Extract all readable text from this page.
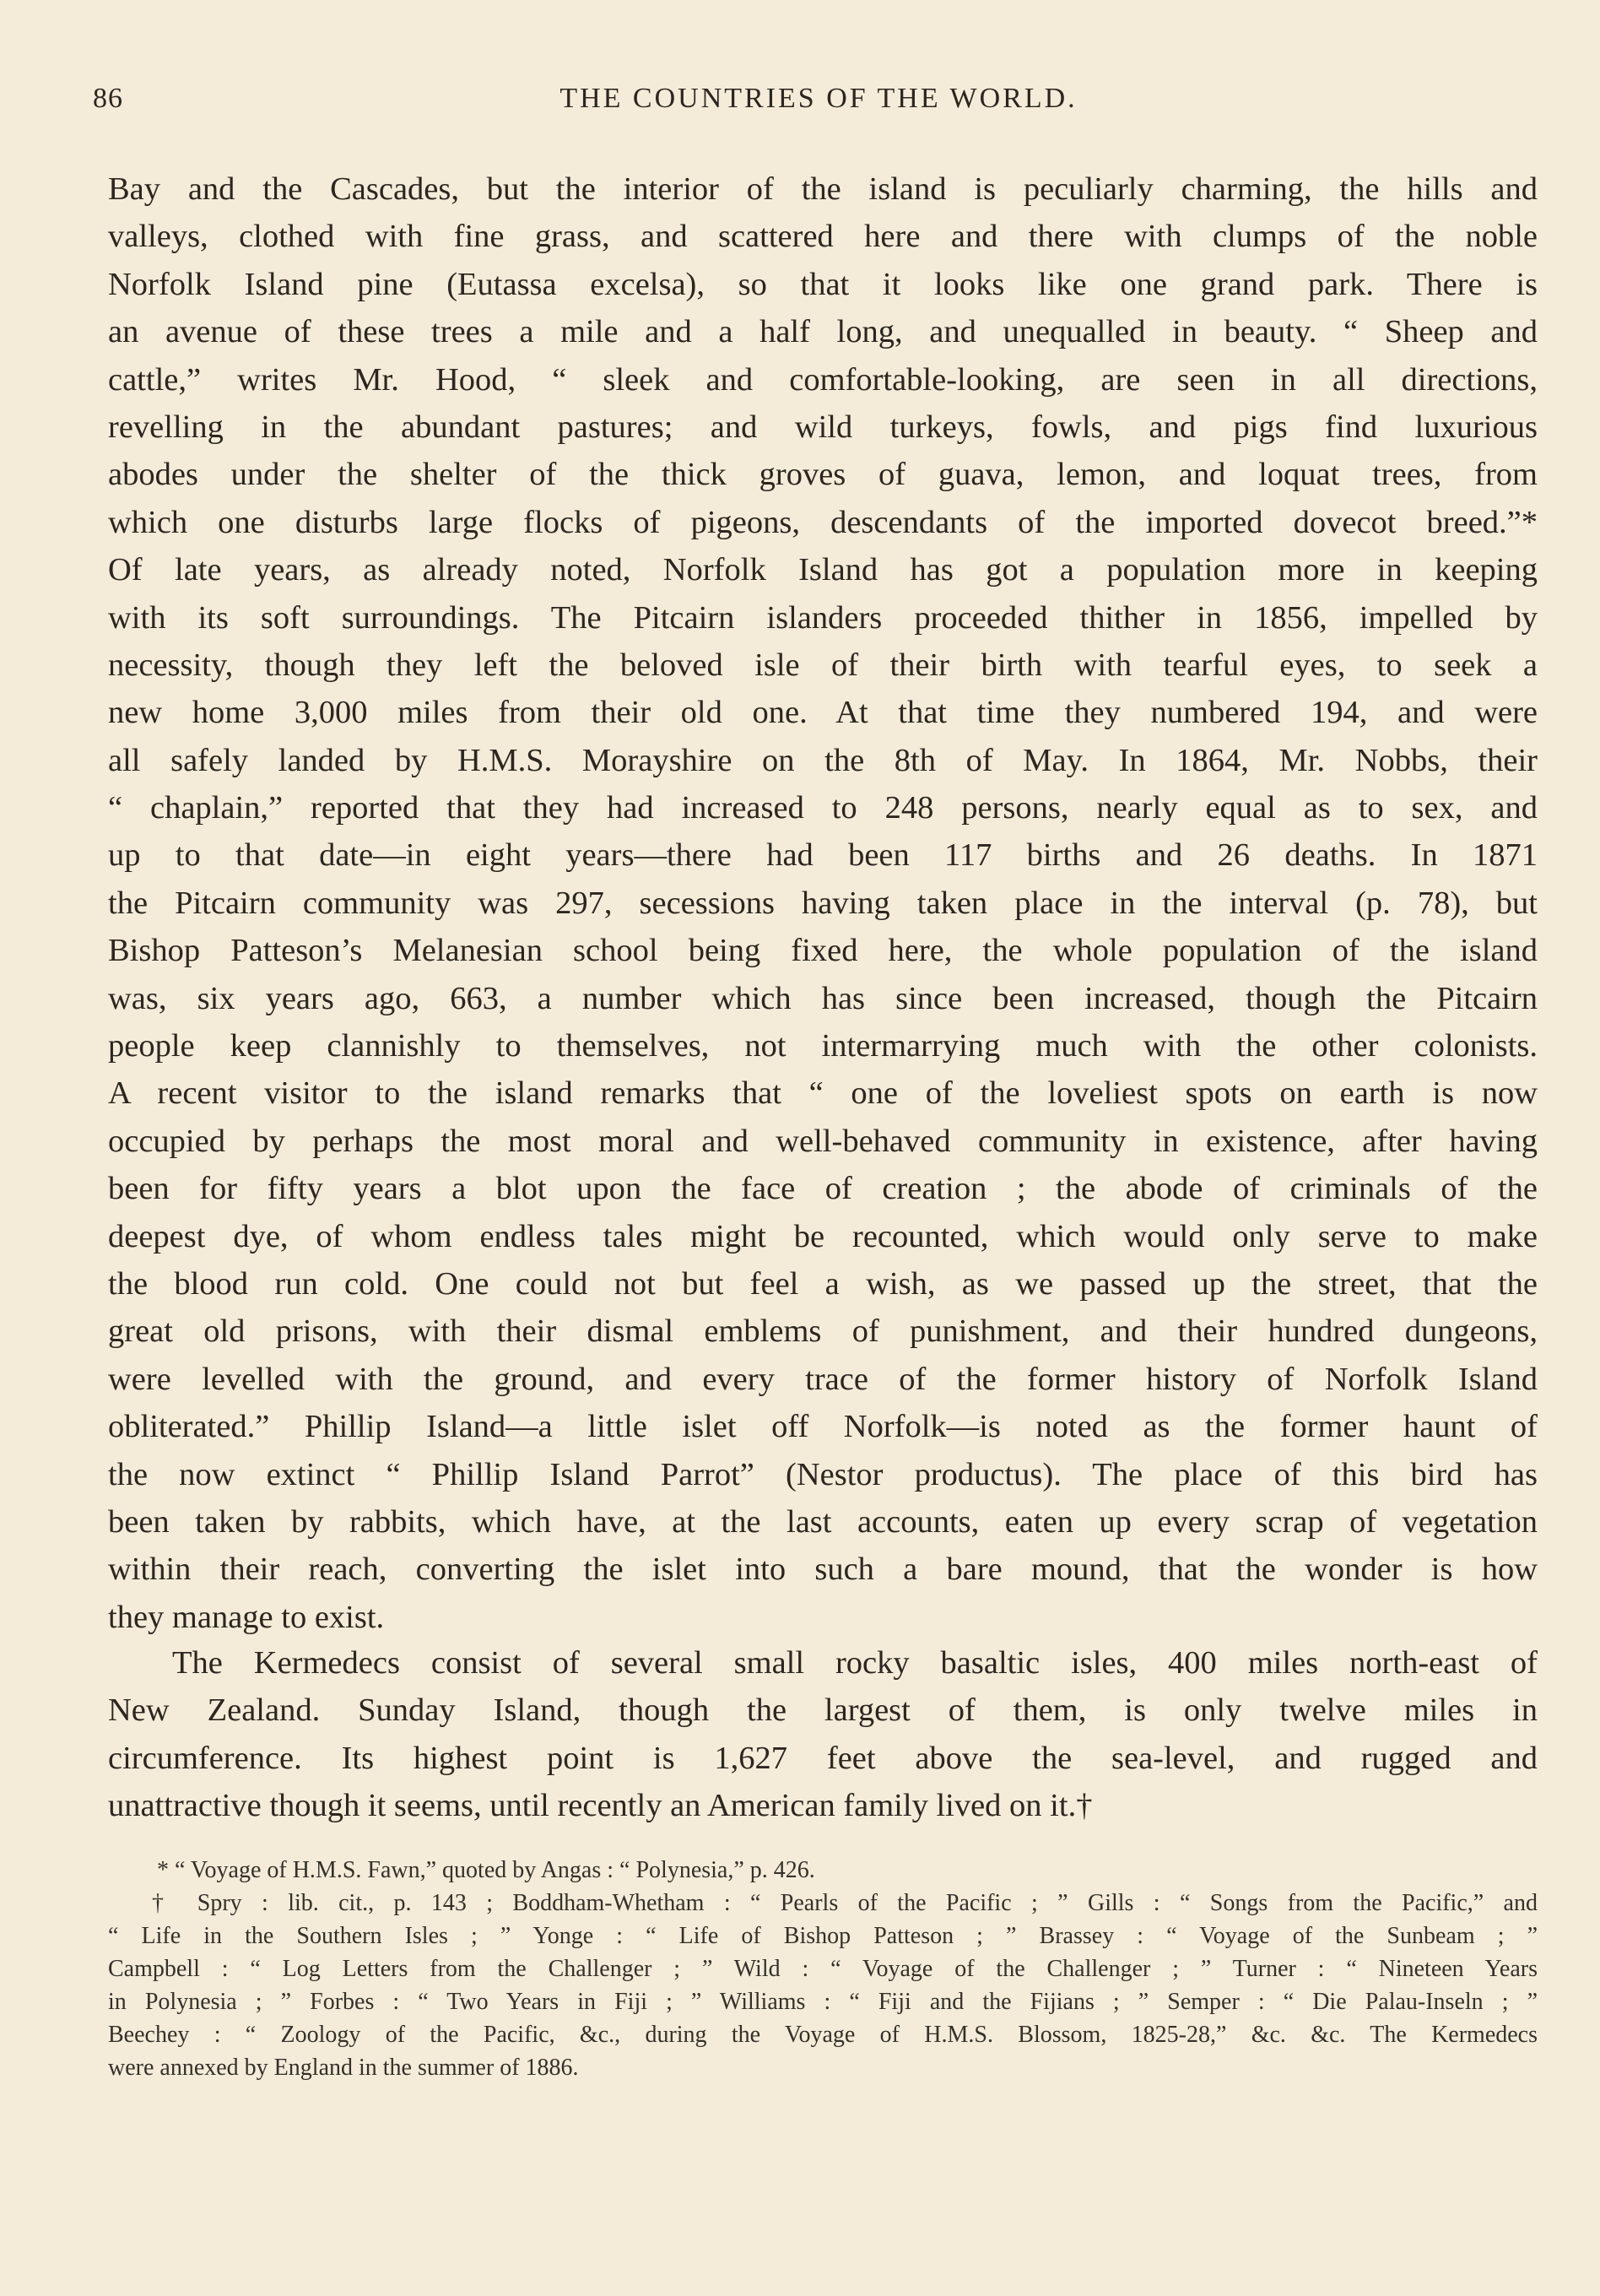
86	THE COUNTRIES OF THE WORLD.
Bay and the Cascades, but the interior of the island is peculiarly charming, the hills and
valleys, clothed with fine grass, and scattered here and there with clumps of the noble
Norfolk Island pine (Eutassa excelsa), so that it looks like one grand park. There is
an avenue of these trees a mile and a half long, and unequalled in beauty. “ Sheep and
cattle,” writes Mr. Hood, “ sleek and comfortable-looking, are seen in all directions,
revelling in the abundant pastures; and wild turkeys, fowls, and pigs find luxurious
abodes under the shelter of the thick groves of guava, lemon, and loquat trees, from
which one disturbs large flocks of pigeons, descendants of the imported dovecot breed.”*
Of late years, as already noted, Norfolk Island has got a population more in keeping
with its soft surroundings. The Pitcairn islanders proceeded thither in 1856, impelled by
necessity, though they left the beloved isle of their birth with tearful eyes, to seek a
new home 3,000 miles from their old one. At that time they numbered 194, and were
all safely landed by H.M.S. Morayshire on the 8th of May. In 1864, Mr. Nobbs, their
“ chaplain,” reported that they had increased to 248 persons, nearly equal as to sex, and
up to that date—in eight years—there had been 117 births and 26 deaths. In 1871
the Pitcairn community was 297, secessions having taken place in the interval (p. 78), but
Bishop Patteson’s Melanesian school being fixed here, the whole population of the island
was, six years ago, 663, a number which has since been increased, though the Pitcairn
people keep clannishly to themselves, not intermarrying much with the other colonists.
A recent visitor to the island remarks that “ one of the loveliest spots on earth is now
occupied by perhaps the most moral and well-behaved community in existence, after having
been for fifty years a blot upon the face of creation ; the abode of criminals of the
deepest dye, of whom endless tales might be recounted, which would only serve to make
the blood run cold. One could not but feel a wish, as we passed up the street, that the
great old prisons, with their dismal emblems of punishment, and their hundred dungeons,
were levelled with the ground, and every trace of the former history of Norfolk Island
obliterated.” Phillip Island—a little islet off Norfolk—is noted as the former haunt of
the now extinct “ Phillip Island Parrot” (Nestor productus). The place of this bird has
been taken by rabbits, which have, at the last accounts, eaten up every scrap of vegetation
within their reach, converting the islet into such a bare mound, that the wonder is how
they manage to exist.
The Kermedecs consist of several small rocky basaltic isles, 400 miles north-east of
New Zealand. Sunday Island, though the largest of them, is only twelve miles in
circumference. Its highest point is 1,627 feet above the sea-level, and rugged and
unattractive though it seems, until recently an American family lived on it.†
* “ Voyage of H.M.S. Fawn,” quoted by Angas : “ Polynesia,” p. 426.
† Spry : lib. cit., p. 143 ; Boddham-Whetham : “ Pearls of the Pacific ; ” Gills : “ Songs from the Pacific,” and
“ Life in the Southern Isles ; ” Yonge : “ Life of Bishop Patteson ; ” Brassey : “ Voyage of the Sunbeam ; ”
Campbell : “ Log Letters from the Challenger ; ” Wild : “ Voyage of the Challenger ; ” Turner : “ Nineteen Years
in Polynesia ; ” Forbes : “ Two Years in Fiji ; ” Williams : “ Fiji and the Fijians ; ” Semper : “ Die Palau-Inseln ; ”
Beechey : “ Zoology of the Pacific, &c., during the Voyage of H.M.S. Blossom, 1825-28,” &c. &c. The Kermedecs
were annexed by England in the summer of 1886.
